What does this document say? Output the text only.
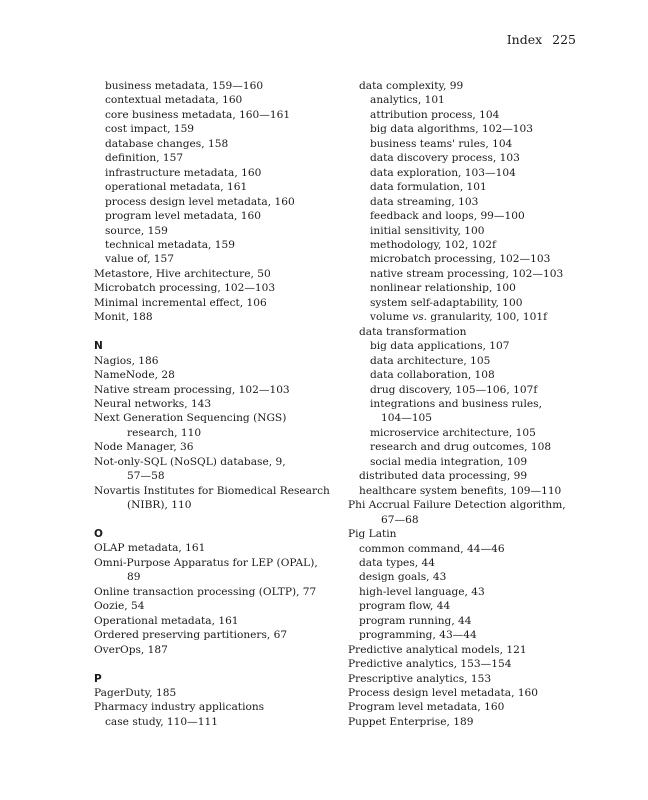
Index 225
business metadata, 159—160
contextual metadata, 160
core business metadata, 160—161
cost impact, 159
database changes, 158
definition, 157
infrastructure metadata, 160
operational metadata, 161
process design level metadata, 160
program level metadata, 160
source, 159
technical metadata, 159
value of, 157
Metastore, Hive architecture, 50
Microbatch processing, 102—103
Minimal incremental effect, 106
Monit, 188
N
Nagios, 186
NameNode, 28
Native stream processing, 102—103
Neural networks, 143
Next Generation Sequencing (NGS)
research, 110
Node Manager, 36
Not-only-SQL (NoSQL) database, 9,
57—58
Novartis Institutes for Biomedical Research
(NIBR), 110
O
OLAP metadata, 161
Omni-Purpose Apparatus for LEP (OPAL),
89
Online transaction processing (OLTP), 77
Oozie, 54
Operational metadata, 161
Ordered preserving partitioners, 67
OverOps, 187
P
PagerDuty, 185
Pharmacy industry applications
case study, 110—111
data complexity, 99
analytics, 101
attribution process, 104
big data algorithms, 102—103
business teams' rules, 104
data discovery process, 103
data exploration, 103—104
data formulation, 101
data streaming, 103
feedback and loops, 99—100
initial sensitivity, 100
methodology, 102, 102f
microbatch processing, 102—103
native stream processing, 102—103
nonlinear relationship, 100
system self-adaptability, 100
volume vs. granularity, 100, 101f
data transformation
big data applications, 107
data architecture, 105
data collaboration, 108
drug discovery, 105—106, 107f
integrations and business rules,
104—105
microservice architecture, 105
research and drug outcomes, 108
social media integration, 109
distributed data processing, 99
healthcare system benefits, 109—110
Phi Accrual Failure Detection algorithm,
67—68
Pig Latin
common command, 44—46
data types, 44
design goals, 43
high-level language, 43
program flow, 44
program running, 44
programming, 43—44
Predictive analytical models, 121
Predictive analytics, 153—154
Prescriptive analytics, 153
Process design level metadata, 160
Program level metadata, 160
Puppet Enterprise, 189
